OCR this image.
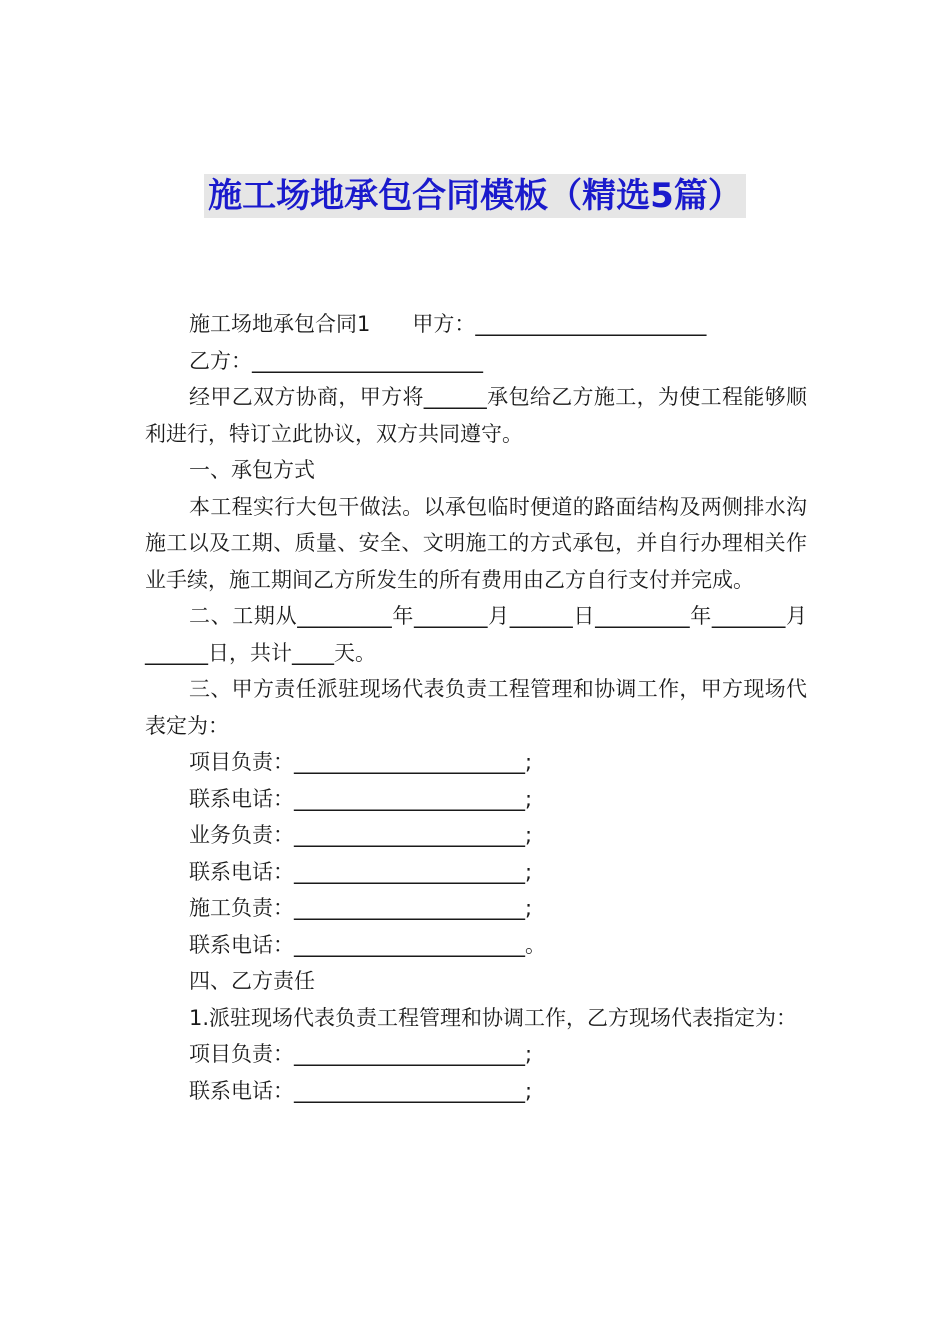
施工场地承包合同模板（精选5篇）

施工场地承包合同1　　甲方：______________________

乙方：______________________

经甲乙双方协商，甲方将______承包给乙方施工，为使工程能够顺利进行，特订立此协议，双方共同遵守。

一、承包方式

本工程实行大包干做法。以承包临时便道的路面结构及两侧排水沟施工以及工期、质量、安全、文明施工的方式承包，并自行办理相关作业手续，施工期间乙方所发生的所有费用由乙方自行支付并完成。

二、工期从_________年_______月______日_________年_______月______日，共计____天。

三、甲方责任派驻现场代表负责工程管理和协调工作，甲方现场代表定为：

项目负责：______________________;

联系电话：______________________;

业务负责：______________________;

联系电话：______________________;

施工负责：______________________;

联系电话：______________________。

四、乙方责任

1.派驻现场代表负责工程管理和协调工作，乙方现场代表指定为：

项目负责：______________________;

联系电话：______________________;
